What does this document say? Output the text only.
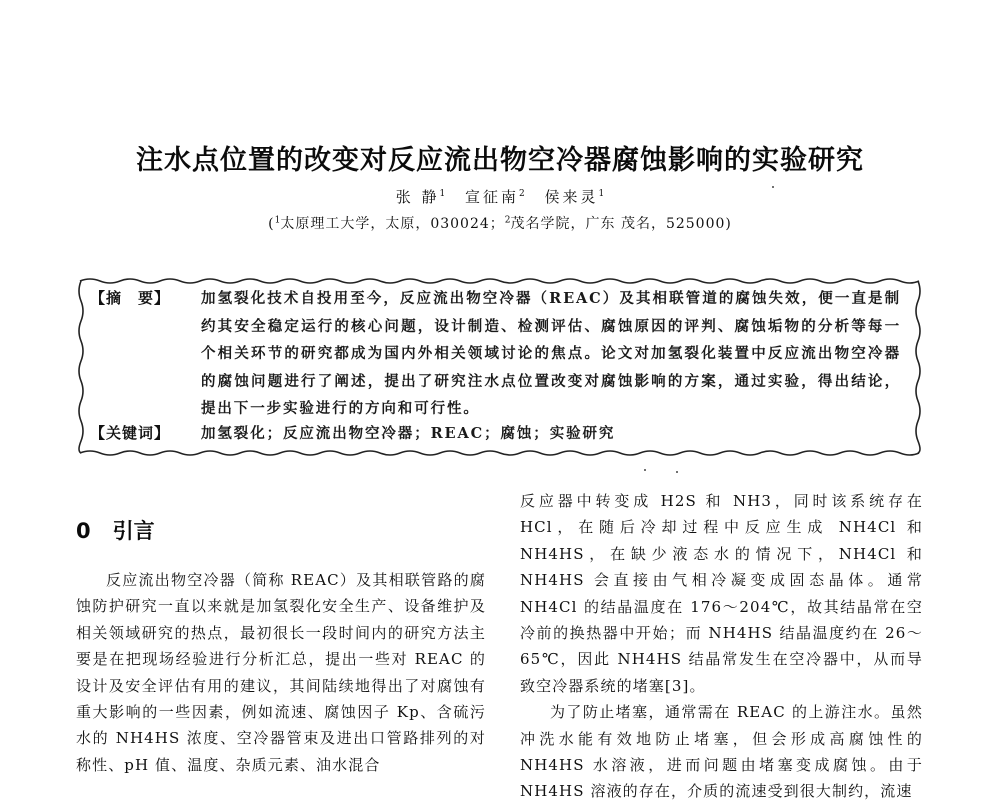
注水点位置的改变对反应流出物空冷器腐蚀影响的实验研究
张 静$^1$ 宣征南$^2$ 侯来灵$^1$
($^1$太原理工大学，太原，030024；$^2$茂名学院，广东 茂名，525000)
【摘　要】 加氢裂化技术自投用至今，反应流出物空冷器（REAC）及其相联管道的腐蚀失效，便一直是制约其安全稳定运行的核心问题，设计制造、检测评估、腐蚀原因的评判、腐蚀垢物的分析等每一个相关环节的研究都成为国内外相关领域讨论的焦点。论文对加氢裂化装置中反应流出物空冷器的腐蚀问题进行了阐述，提出了研究注水点位置改变对腐蚀影响的方案，通过实验，得出结论，提出下一步实验进行的方向和可行性。
【关键词】 加氢裂化；反应流出物空冷器；REAC；腐蚀；实验研究
0 引言

反应流出物空冷器（简称 REAC）及其相联管路的腐蚀防护研究一直以来就是加氢裂化安全生产、设备维护及相关领域研究的热点，最初很长一段时间内的研究方法主要是在把现场经验进行分析汇总，提出一些对 REAC 的设计及安全评估有用的建议，其间陆续地得出了对腐蚀有重大影响的一些因素，例如流速、腐蚀因子 Kp、含硫污水的 NH4HS 浓度、空冷器管束及进出口管路排列的对称性、pH 值、温度、杂质元素、油水混合

反应器中转变成 H2S 和 NH3，同时该系统存在 HCl，在随后冷却过程中反应生成 NH4Cl 和 NH4HS，在缺少液态水的情况下，NH4Cl 和 NH4HS 会直接由气相冷凝变成固态晶体。通常 NH4Cl 的结晶温度在 176～204℃，故其结晶常在空冷前的换热器中开始；而 NH4HS 结晶温度约在 26～65℃，因此 NH4HS 结晶常发生在空冷器中，从而导致空冷器系统的堵塞[3]。

为了防止堵塞，通常需在 REAC 的上游注水。虽然冲洗水能有效地防止堵塞，但会形成高腐蚀性的 NH4HS 水溶液，进而问题由堵塞变成腐蚀。由于 NH4HS 溶液的存在，介质的流速受到很大制约，流速
